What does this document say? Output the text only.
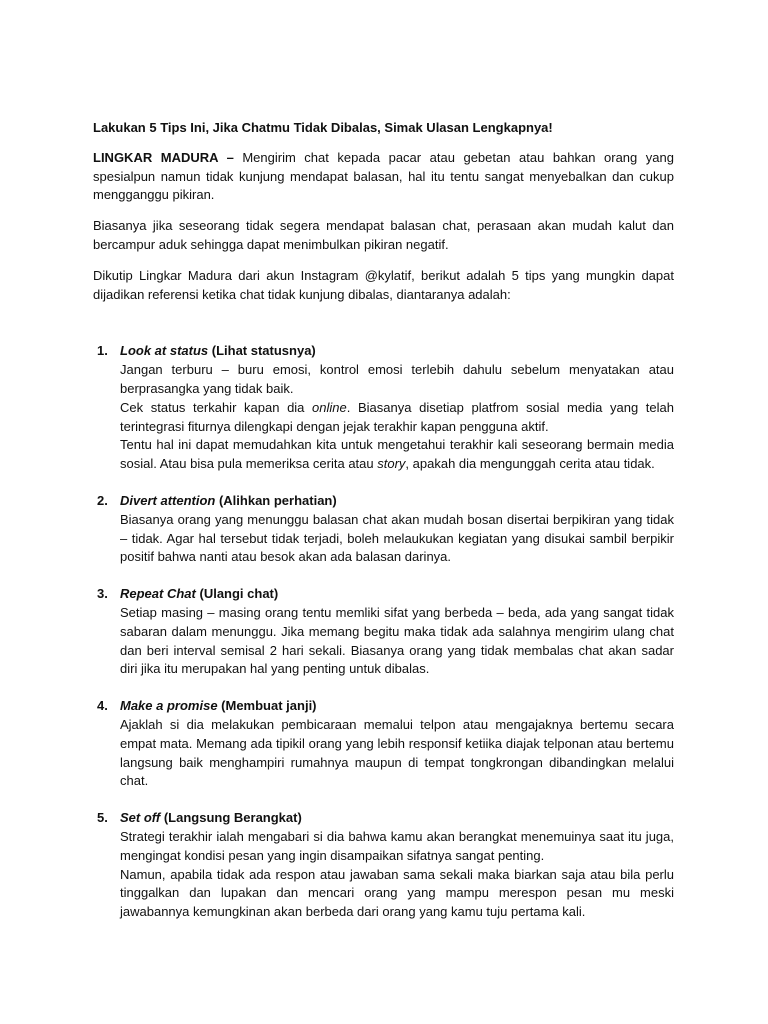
Lakukan 5 Tips Ini, Jika Chatmu Tidak Dibalas, Simak Ulasan Lengkapnya!

LINGKAR MADURA – Mengirim chat kepada pacar atau gebetan atau bahkan orang yang spesialpun namun tidak kunjung mendapat balasan, hal itu tentu sangat menyebalkan dan cukup mengganggu pikiran.

Biasanya jika seseorang tidak segera mendapat balasan chat, perasaan akan mudah kalut dan bercampur aduk sehingga dapat menimbulkan pikiran negatif.

Dikutip Lingkar Madura dari akun Instagram @kylatif, berikut adalah 5 tips yang mungkin dapat dijadikan referensi ketika chat tidak kunjung dibalas, diantaranya adalah:

1. Look at status (Lihat statusnya)
Jangan terburu – buru emosi, kontrol emosi terlebih dahulu sebelum menyatakan atau berprasangka yang tidak baik.
Cek status terkahir kapan dia online. Biasanya disetiap platfrom sosial media yang telah terintegrasi fiturnya dilengkapi dengan jejak terakhir kapan pengguna aktif.
Tentu hal ini dapat memudahkan kita untuk mengetahui terakhir kali seseorang bermain media sosial. Atau bisa pula memeriksa cerita atau story, apakah dia mengunggah cerita atau tidak.
2. Divert attention (Alihkan perhatian)
Biasanya orang yang menunggu balasan chat akan mudah bosan disertai berpikiran yang tidak – tidak. Agar hal tersebut tidak terjadi, boleh melaukukan kegiatan yang disukai sambil berpikir positif bahwa nanti atau besok akan ada balasan darinya.
3. Repeat Chat (Ulangi chat)
Setiap masing – masing orang tentu memliki sifat yang berbeda – beda, ada yang sangat tidak sabaran dalam menunggu. Jika memang begitu maka tidak ada salahnya mengirim ulang chat dan beri interval semisal 2 hari sekali. Biasanya orang yang tidak membalas chat akan sadar diri jika itu merupakan hal yang penting untuk dibalas.
4. Make a promise (Membuat janji)
Ajaklah si dia melakukan pembicaraan memalui telpon atau mengajaknya bertemu secara empat mata. Memang ada tipikil orang yang lebih responsif ketiika diajak telponan atau bertemu langsung baik menghampiri rumahnya maupun di tempat tongkrongan dibandingkan melalui chat.
5. Set off (Langsung Berangkat)
Strategi terakhir ialah mengabari si dia bahwa kamu akan berangkat menemuinya saat itu juga, mengingat kondisi pesan yang ingin disampaikan sifatnya sangat penting.
Namun, apabila tidak ada respon atau jawaban sama sekali maka biarkan saja atau bila perlu tinggalkan dan lupakan dan mencari orang yang mampu merespon pesan mu meski jawabannya kemungkinan akan berbeda dari orang yang kamu tuju pertama kali.
